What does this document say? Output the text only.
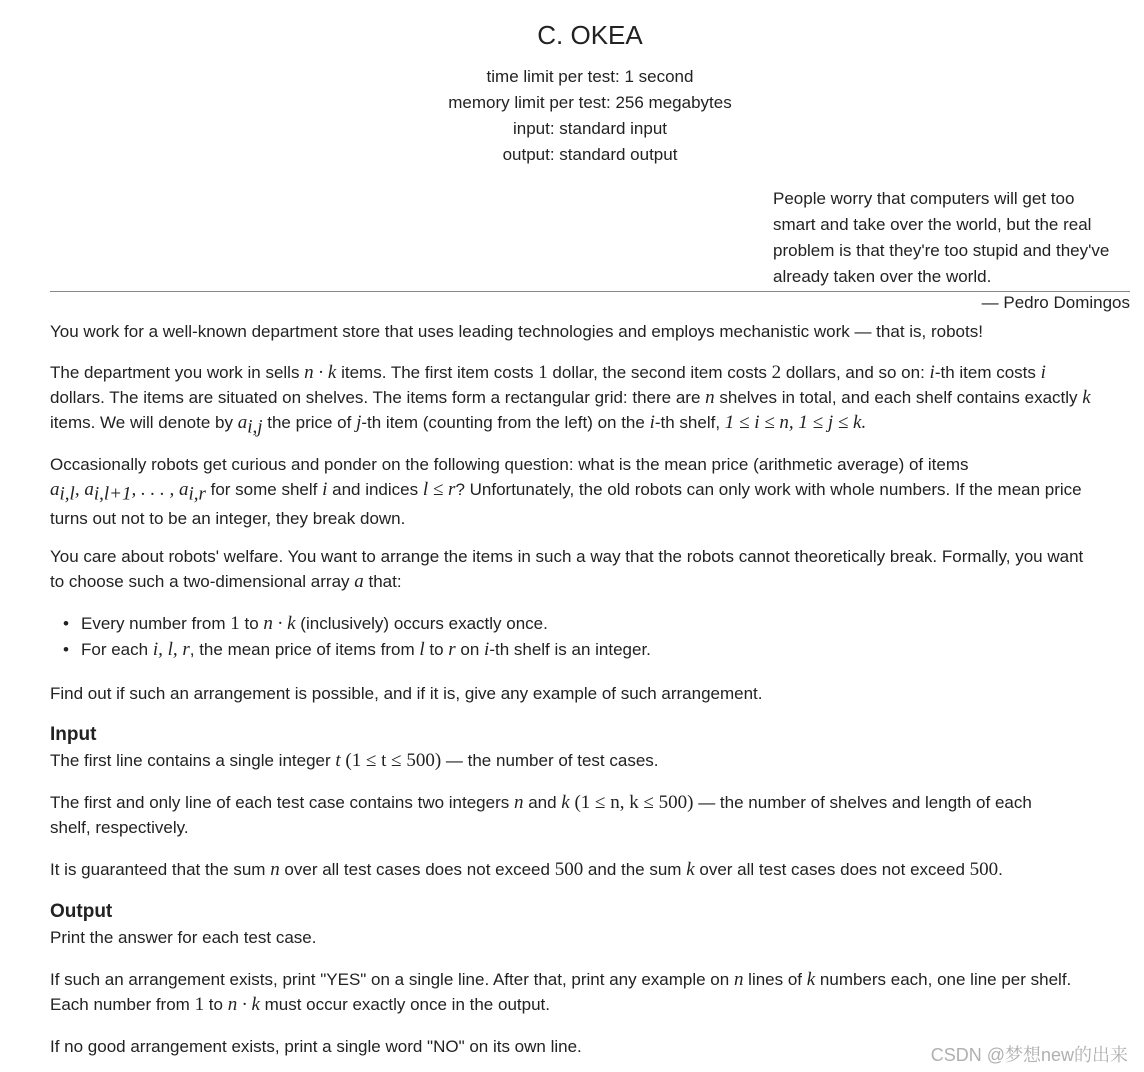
C. OKEA
time limit per test: 1 second
memory limit per test: 256 megabytes
input: standard input
output: standard output
People worry that computers will get too
smart and take over the world, but the real
problem is that they're too stupid and they've
already taken over the world.
— Pedro Domingos
You work for a well-known department store that uses leading technologies and employs mechanistic work — that is, robots!
The department you work in sells n · k items. The first item costs 1 dollar, the second item costs 2 dollars, and so on: i-th item costs i
dollars. The items are situated on shelves. The items form a rectangular grid: there are n shelves in total, and each shelf contains exactly k
items. We will denote by $a_{i,j}$ the price of j-th item (counting from the left) on the i-th shelf, 1 ≤ i ≤ n, 1 ≤ j ≤ k.
Occasionally robots get curious and ponder on the following question: what is the mean price (arithmetic average) of items
$a_{i,l}$, $a_{i,l+1}$, . . . , $a_{i,r}$ for some shelf i and indices l ≤ r? Unfortunately, the old robots can only work with whole numbers. If the mean price
turns out not to be an integer, they break down.
You care about robots' welfare. You want to arrange the items in such a way that the robots cannot theoretically break. Formally, you want
to choose such a two-dimensional array a that:
• Every number from 1 to n · k (inclusively) occurs exactly once.
• For each i, l, r, the mean price of items from l to r on i-th shelf is an integer.
Find out if such an arrangement is possible, and if it is, give any example of such arrangement.
Input
The first line contains a single integer t (1 ≤ t ≤ 500) — the number of test cases.
The first and only line of each test case contains two integers n and k (1 ≤ n, k ≤ 500) — the number of shelves and length of each
shelf, respectively.
It is guaranteed that the sum n over all test cases does not exceed 500 and the sum k over all test cases does not exceed 500.
Output
Print the answer for each test case.
If such an arrangement exists, print "YES" on a single line. After that, print any example on n lines of k numbers each, one line per shelf.
Each number from 1 to n · k must occur exactly once in the output.
If no good arrangement exists, print a single word "NO" on its own line.	CSDN @梦想new的出来
